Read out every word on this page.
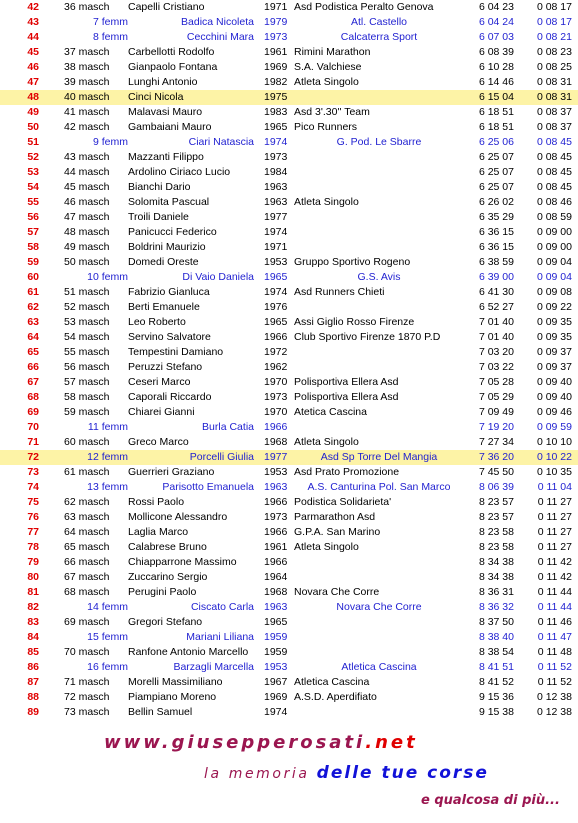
42 36 masch	Capelli Cristiano	1971 Asd Podistica Peralto Genova	6 04 23	0 08 17
43	7 femm	Badica Nicoleta 1979	Atl. Castello	6 04 24	0 08 17
44	8 femm	Cecchini Mara 1973	Calcaterra Sport	6 07 03	0 08 21
45 37 masch	Carbellotti Rodolfo	1961 Rimini Marathon	6 08 39	0 08 23
46 38 masch	Gianpaolo Fontana	1969 S.A. Valchiese	6 10 28	0 08 25
47 39 masch	Lunghi Antonio	1982 Atleta Singolo	6 14 46	0 08 31
48 40 masch	Cinci Nicola	1975	6 15 04	0 08 31
49 41 masch	Malavasi Mauro	1983 Asd 3'.30'' Team	6 18 51	0 08 37
50 42 masch	Gambaiani Mauro	1965 Pico Runners	6 18 51	0 08 37
51	9 femm	Ciari Natascia 1974	G. Pod. Le Sbarre	6 25 06	0 08 45
52 43 masch	Mazzanti Filippo	1973	6 25 07	0 08 45
53 44 masch	Ardolino Ciriaco Lucio	1984	6 25 07	0 08 45
54 45 masch	Bianchi Dario	1963	6 25 07	0 08 45
55 46 masch	Solomita Pascual	1963 Atleta Singolo	6 26 02	0 08 46
56 47 masch	Troili Daniele	1977	6 35 29	0 08 59
57 48 masch	Panicucci Federico	1974	6 36 15	0 09 00
58 49 masch	Boldrini Maurizio	1971	6 36 15	0 09 00
59 50 masch	Domedi Oreste	1953 Gruppo Sportivo Rogeno	6 38 59	0 09 04
60	10 femm	Di Vaio Daniela 1965	G.S. Avis	6 39 00	0 09 04
61 51 masch	Fabrizio Gianluca	1974 Asd Runners Chieti	6 41 30	0 09 08
62 52 masch	Berti Emanuele	1976	6 52 27	0 09 22
63 53 masch	Leo Roberto	1965 Assi Giglio Rosso Firenze	7 01 40	0 09 35
64 54 masch	Servino Salvatore	1966 Club Sportivo Firenze 1870 P.D	7 01 40	0 09 35
65 55 masch	Tempestini Damiano	1972	7 03 20	0 09 37
66 56 masch	Peruzzi Stefano	1962	7 03 22	0 09 37
67 57 masch	Ceseri Marco	1970 Polisportiva Ellera Asd	7 05 28	0 09 40
68 58 masch	Caporali Riccardo	1973 Polisportiva Ellera Asd	7 05 29	0 09 40
69 59 masch	Chiarei Gianni	1970 Atetica Cascina	7 09 49	0 09 46
70	11 femm	Burla Catia 1966	7 19 20	0 09 59
71 60 masch	Greco Marco	1968 Atleta Singolo	7 27 34	0 10 10
72	12 femm	Porcelli Giulia 1977	Asd Sp Torre Del Mangia	7 36 20	0 10 22
73 61 masch	Guerrieri Graziano	1953 Asd Prato Promozione	7 45 50	0 10 35
74	13 femm	Parisotto Emanuela 1963	A.S. Canturina Pol. San Marco	8 06 39	0 11 04
75 62 masch	Rossi Paolo	1966 Podistica Solidarieta'	8 23 57	0 11 27
76 63 masch	Mollicone Alessandro	1973 Parmarathon Asd	8 23 57	0 11 27
77 64 masch	Laglia Marco	1966 G.P.A. San Marino	8 23 58	0 11 27
78 65 masch	Calabrese Bruno	1961 Atleta Singolo	8 23 58	0 11 27
79 66 masch	Chiapparrone Massimo	1966	8 34 38	0 11 42
80 67 masch	Zuccarino Sergio	1964	8 34 38	0 11 42
81 68 masch	Perugini Paolo	1968 Novara Che Corre	8 36 31	0 11 44
82	14 femm	Ciscato Carla 1963	Novara Che Corre	8 36 32	0 11 44
83 69 masch	Gregori Stefano	1965	8 37 50	0 11 46
84	15 femm	Mariani Liliana 1959	8 38 40	0 11 47
85 70 masch	Ranfone Antonio Marcello	1959	8 38 54	0 11 48
86	16 femm	Barzagli Marcella 1953	Atletica Cascina	8 41 51	0 11 52
87 71 masch	Morelli Massimiliano	1967 Atletica Cascina	8 41 52	0 11 52
88 72 masch	Piampiano Moreno	1969 A.S.D. Aperdifiato	9 15 36	0 12 38
89 73 masch	Bellin Samuel	1974	9 15 38	0 12 38
www.giusepperosati.net
la memoria delle tue corse
e qualcosa di più...
